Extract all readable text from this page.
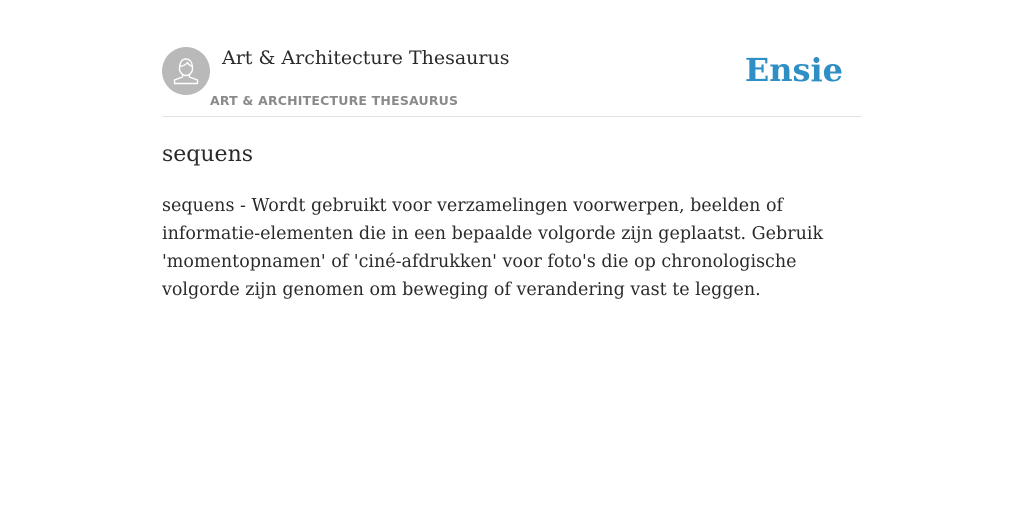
Art & Architecture Thesaurus
ART & ARCHITECTURE THESAURUS
Ensie
sequens

sequens - Wordt gebruikt voor verzamelingen voorwerpen, beelden of informatie-elementen die in een bepaalde volgorde zijn geplaatst. Gebruik 'momentopnamen' of 'ciné-afdrukken' voor foto's die op chronologische volgorde zijn genomen om beweging of verandering vast te leggen.
